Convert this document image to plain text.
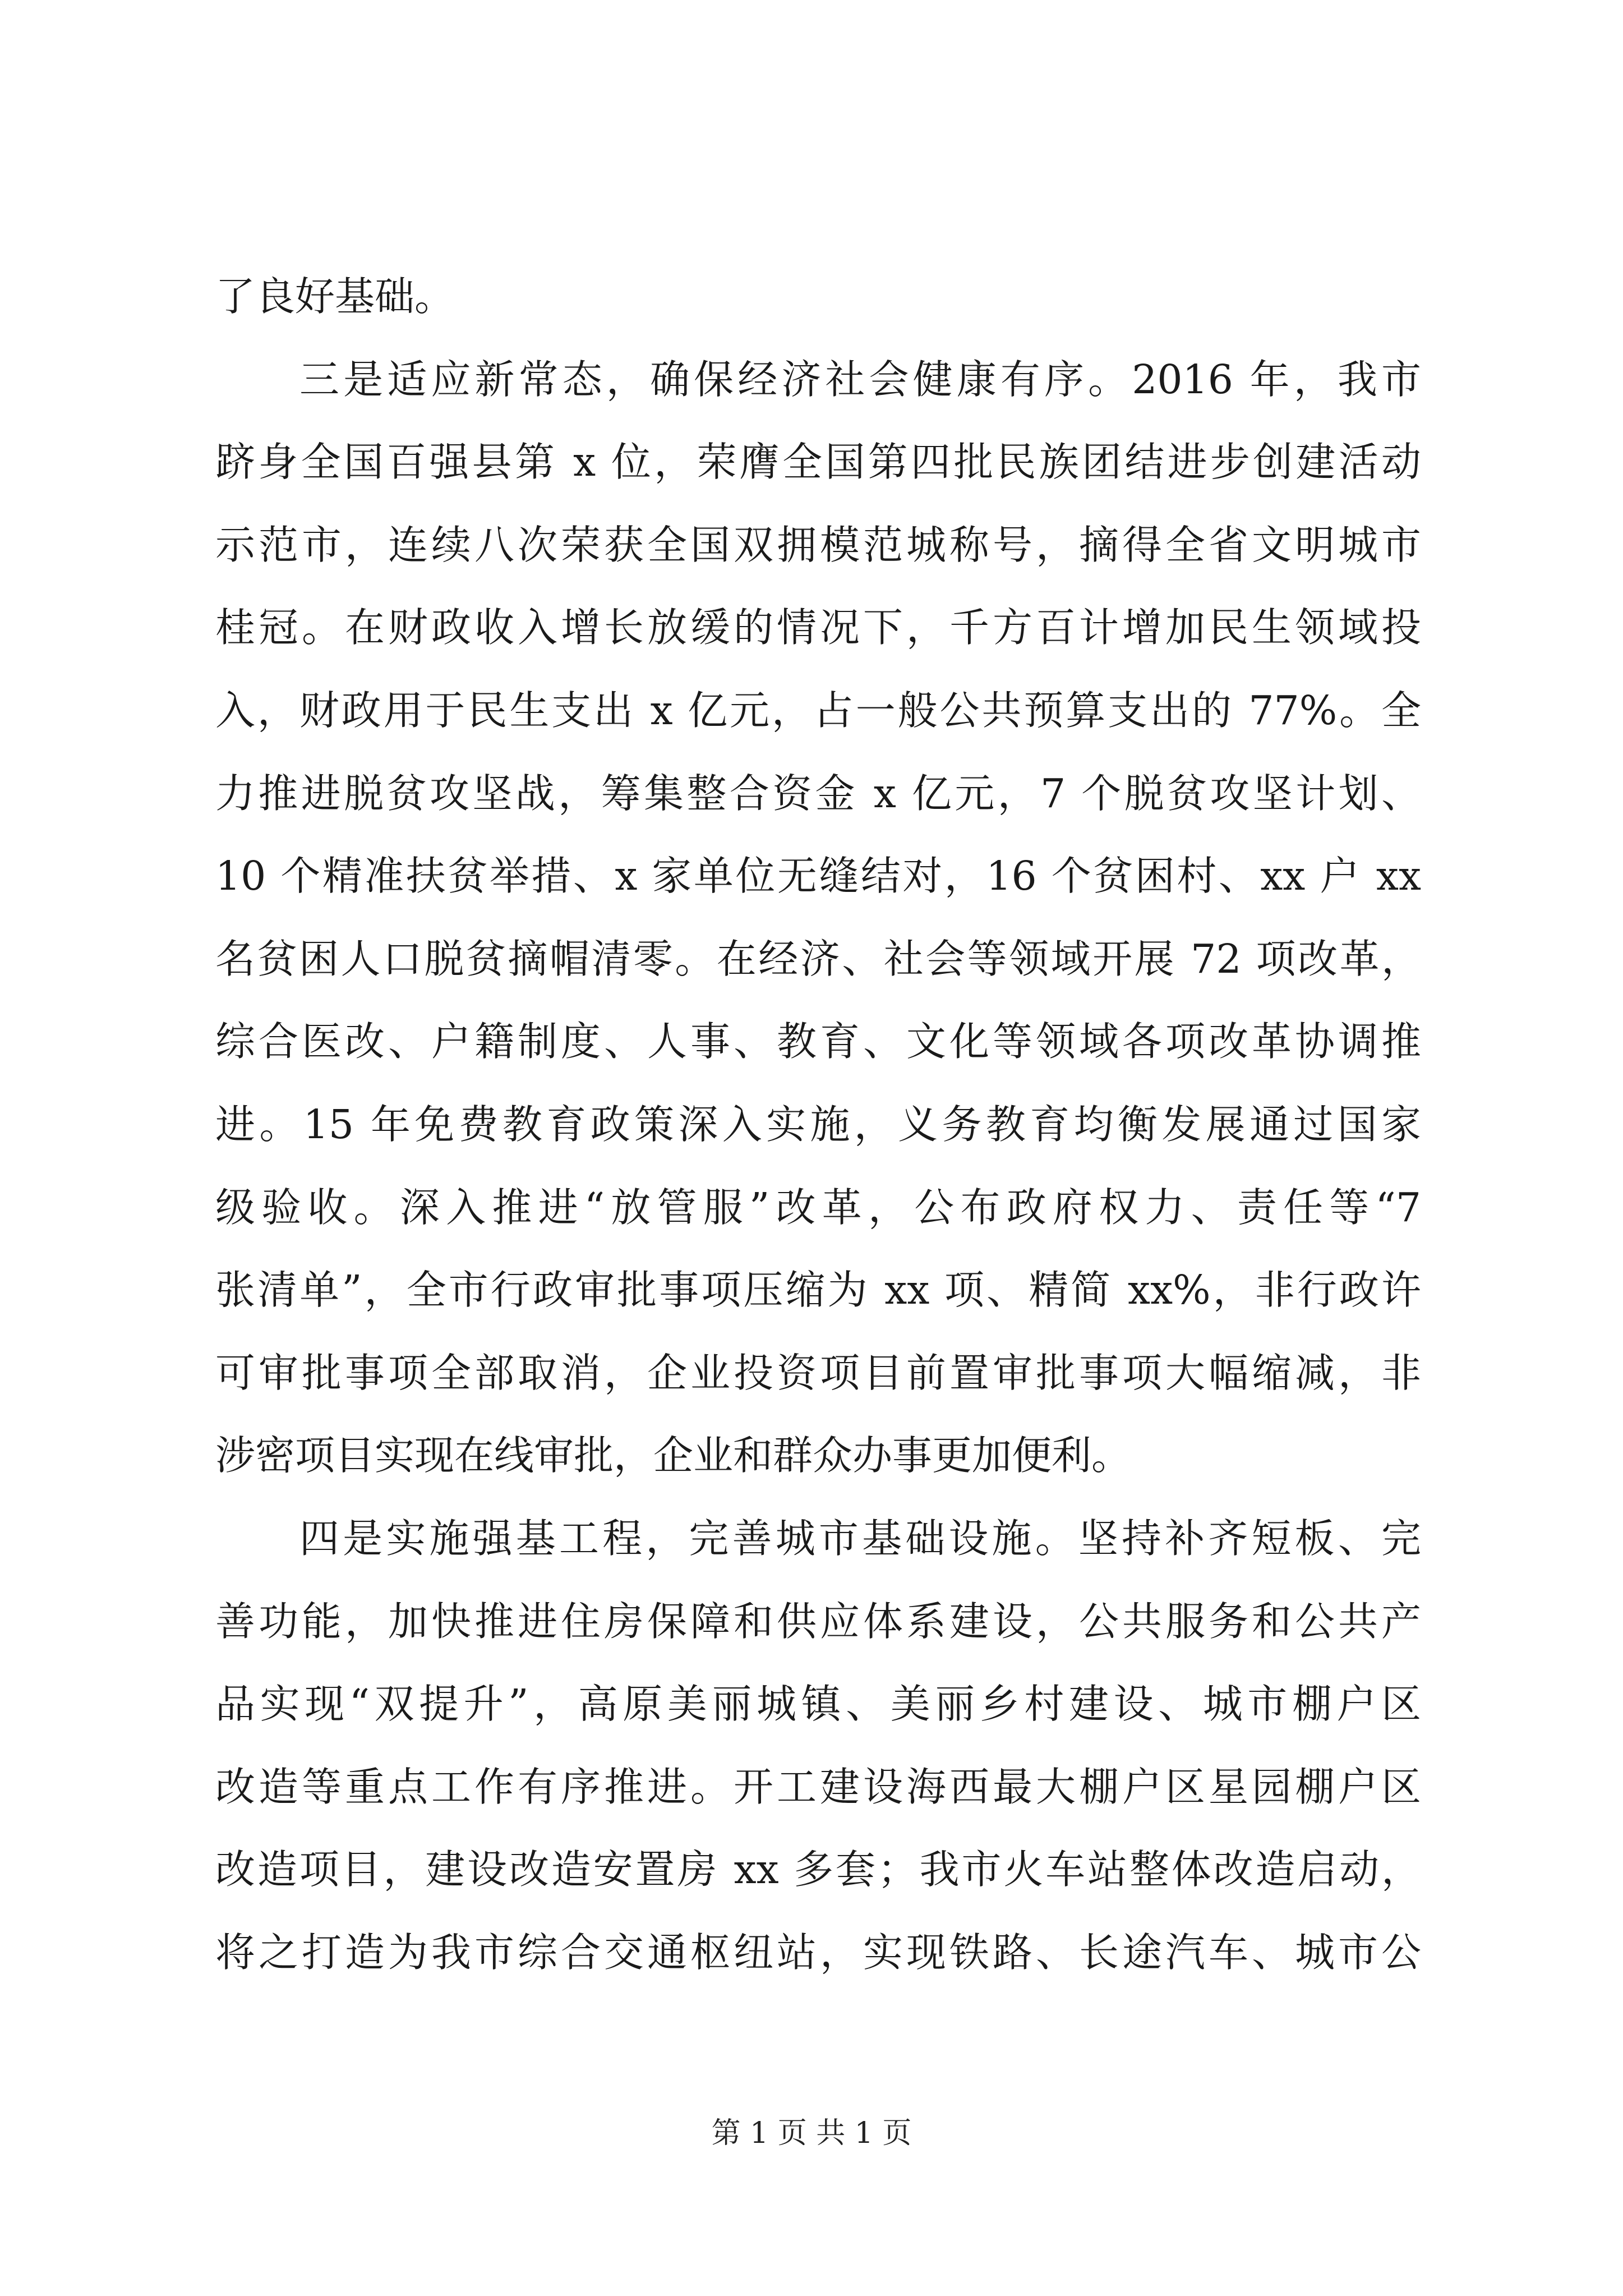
了良好基础。
三是适应新常态，确保经济社会健康有序。2016 年，我市
跻身全国百强县第 x 位，荣膺全国第四批民族团结进步创建活动
示范市，连续八次荣获全国双拥模范城称号，摘得全省文明城市
桂冠。在财政收入增长放缓的情况下，千方百计增加民生领域投
入，财政用于民生支出 x 亿元，占一般公共预算支出的 77%。全
力推进脱贫攻坚战，筹集整合资金 x 亿元，7 个脱贫攻坚计划、
10 个精准扶贫举措、x 家单位无缝结对，16 个贫困村、xx 户 xx
名贫困人口脱贫摘帽清零。在经济、社会等领域开展 72 项改革，
综合医改、户籍制度、人事、教育、文化等领域各项改革协调推
进。15 年免费教育政策深入实施，义务教育均衡发展通过国家
级验收。深入推进“放管服”改革，公布政府权力、责任等“7
张清单”，全市行政审批事项压缩为 xx 项、精简 xx%，非行政许
可审批事项全部取消，企业投资项目前置审批事项大幅缩减，非
涉密项目实现在线审批，企业和群众办事更加便利。
四是实施强基工程，完善城市基础设施。坚持补齐短板、完
善功能，加快推进住房保障和供应体系建设，公共服务和公共产
品实现“双提升”，高原美丽城镇、美丽乡村建设、城市棚户区
改造等重点工作有序推进。开工建设海西最大棚户区星园棚户区
改造项目，建设改造安置房 xx 多套；我市火车站整体改造启动，
将之打造为我市综合交通枢纽站，实现铁路、长途汽车、城市公
第 1 页 共 1 页
